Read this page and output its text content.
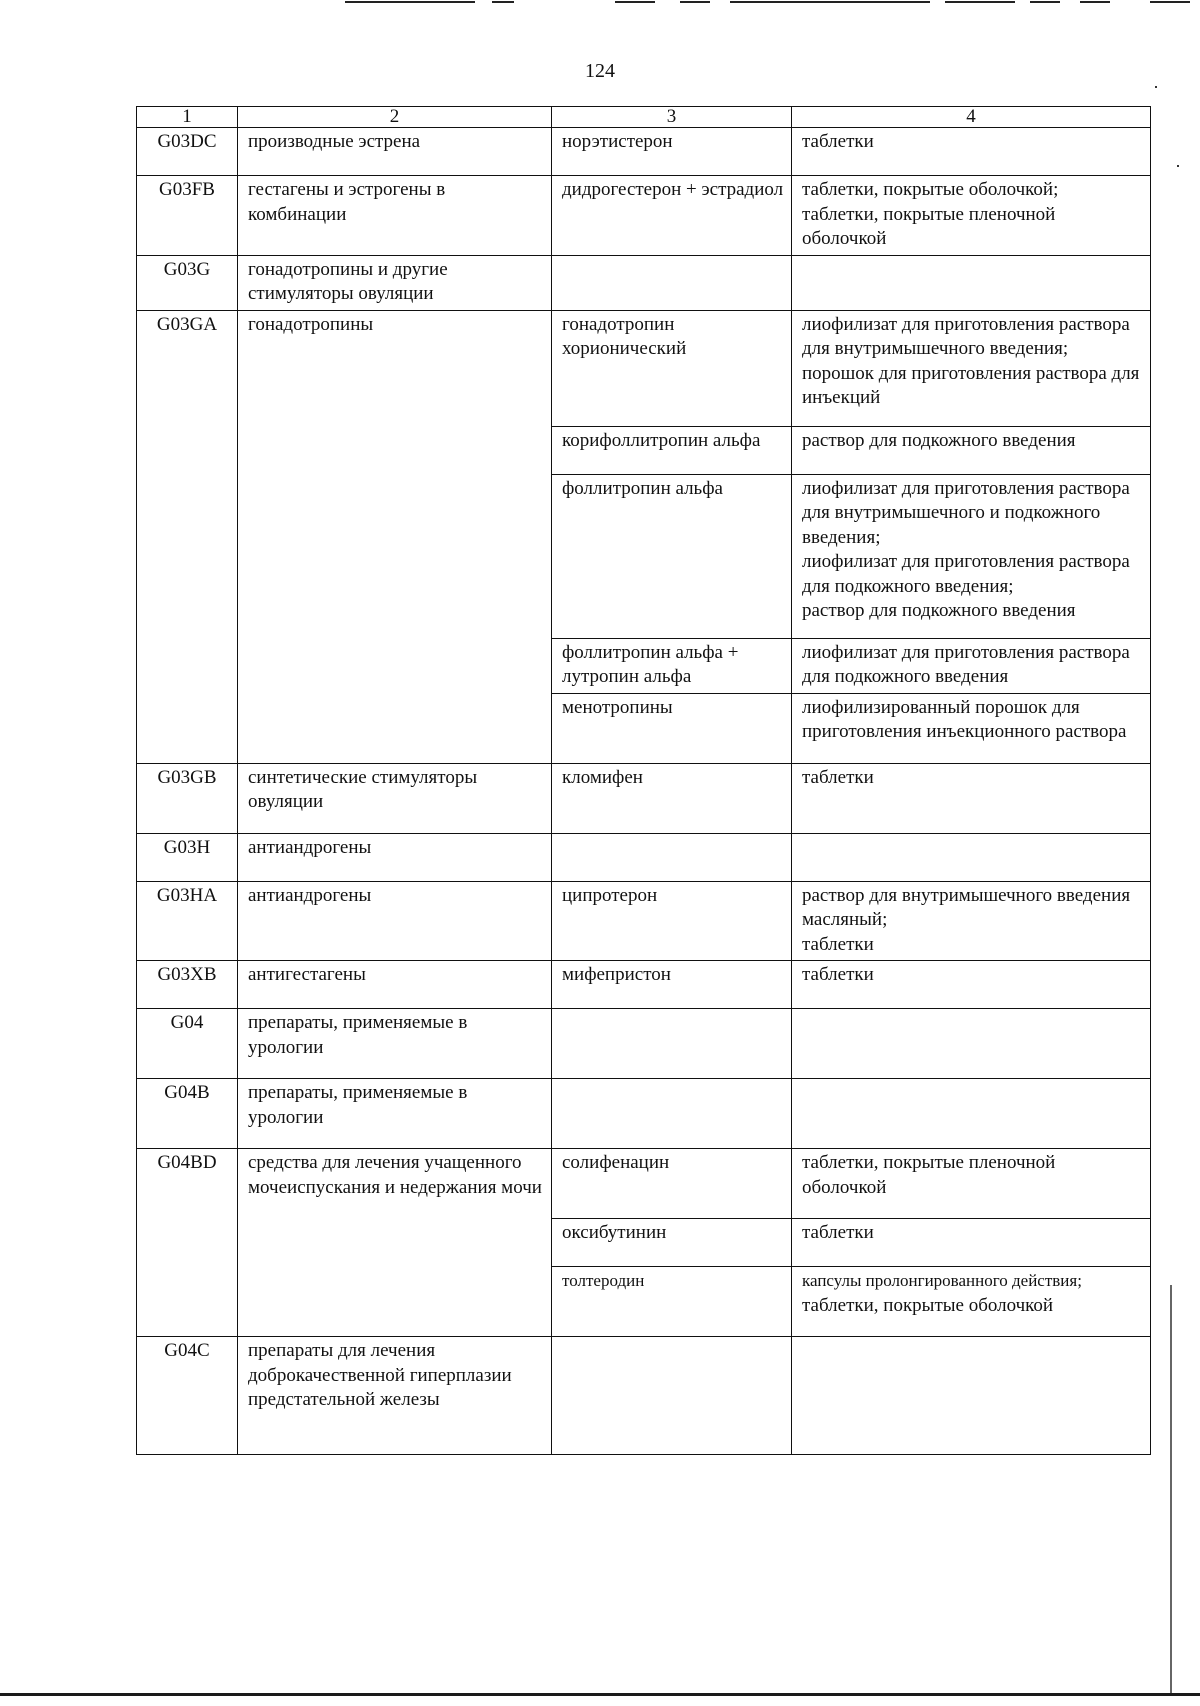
124
1	2	3	4
G03DC	производные эстрена	норэтистерон	таблетки

G03FB	гестагены и эстрогены в комбинации	дидрогестерон + эстрадиол	таблетки, покрытые оболочкой;
таблетки, покрытые пленочной оболочкой

G03G	гонадотропины и другие стимуляторы овуляции		
G03GA	гонадотропины	гонадотропин хорионический	лиофилизат для приготовления раствора для внутримышечного введения;
порошок для приготовления раствора для инъекций

		корифоллитропин альфа	раствор для подкожного введения

		фоллитропин альфа	лиофилизат для приготовления раствора для внутримышечного и подкожного введения;
лиофилизат для приготовления раствора для подкожного введения;
раствор для подкожного введения

		фоллитропин альфа + лутропин альфа	лиофилизат для приготовления раствора для подкожного введения

		менотропины	лиофилизированный порошок для приготовления инъекционного раствора

G03GB	синтетические стимуляторы овуляции	кломифен	таблетки

G03H	антиандрогены		
G03HA	антиандрогены	ципротерон	раствор для внутримышечного введения масляный;
таблетки

G03XB	антигестагены	мифепристон	таблетки

G04	препараты, применяемые в урологии		
G04B	препараты, применяемые в урологии		
G04BD	средства для лечения учащенного мочеиспускания и недержания мочи	солифенацин	таблетки, покрытые пленочной оболочкой

		оксибутинин	таблетки

		толтеродин	капсулы пролонгированного действия;
таблетки, покрытые оболочкой

G04C	препараты для лечения доброкачественной гиперплазии предстательной железы		
